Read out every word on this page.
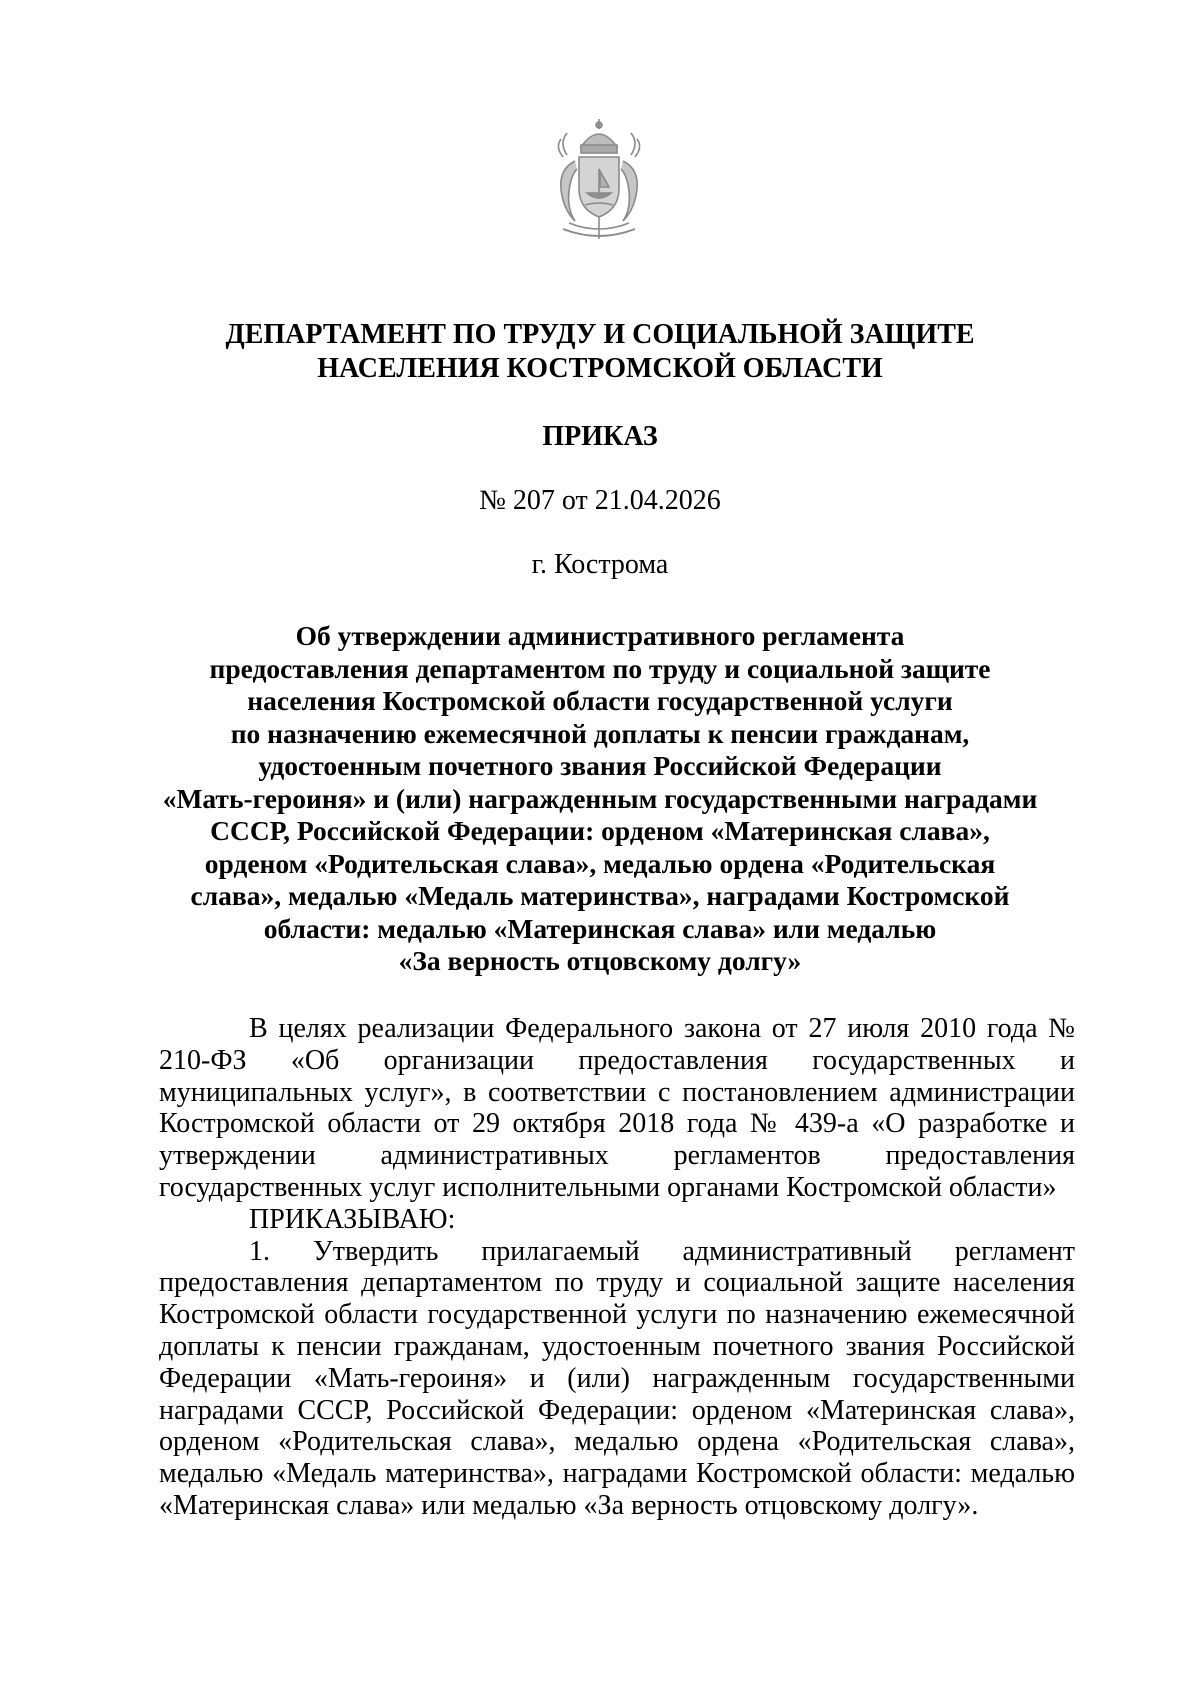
ДЕПАРТАМЕНТ ПО ТРУДУ И СОЦИАЛЬНОЙ ЗАЩИТЕ
НАСЕЛЕНИЯ КОСТРОМСКОЙ ОБЛАСТИ
ПРИКАЗ
№ 207 от 21.04.2026
г. Кострома
Об утверждении административного регламента
предоставления департаментом по труду и социальной защите
населения Костромской области государственной услуги
по назначению ежемесячной доплаты к пенсии гражданам,
удостоенным почетного звания Российской Федерации
«Мать-героиня» и (или) награжденным государственными наградами
СССР, Российской Федерации: орденом «Материнская слава»,
орденом «Родительская слава», медалью ордена «Родительская
слава», медалью «Медаль материнства», наградами Костромской
области: медалью «Материнская слава» или медалью
«За верность отцовскому долгу»

В целях реализации Федерального закона от 27 июля 2010 года № 210-ФЗ «Об организации предоставления государственных и муниципальных услуг», в соответствии с постановлением администрации Костромской области от 29 октября 2018 года № 439-а «О разработке и утверждении административных регламентов предоставления государственных услуг исполнительными органами Костромской области»

ПРИКАЗЫВАЮ:

1. Утвердить прилагаемый административный регламент предоставления департаментом по труду и социальной защите населения Костромской области государственной услуги по назначению ежемесячной доплаты к пенсии гражданам, удостоенным почетного звания Российской Федерации «Мать-героиня» и (или) награжденным государственными наградами СССР, Российской Федерации: орденом «Материнская слава», орденом «Родительская слава», медалью ордена «Родительская слава», медалью «Медаль материнства», наградами Костромской области: медалью «Материнская слава» или медалью «За верность отцовскому долгу».
